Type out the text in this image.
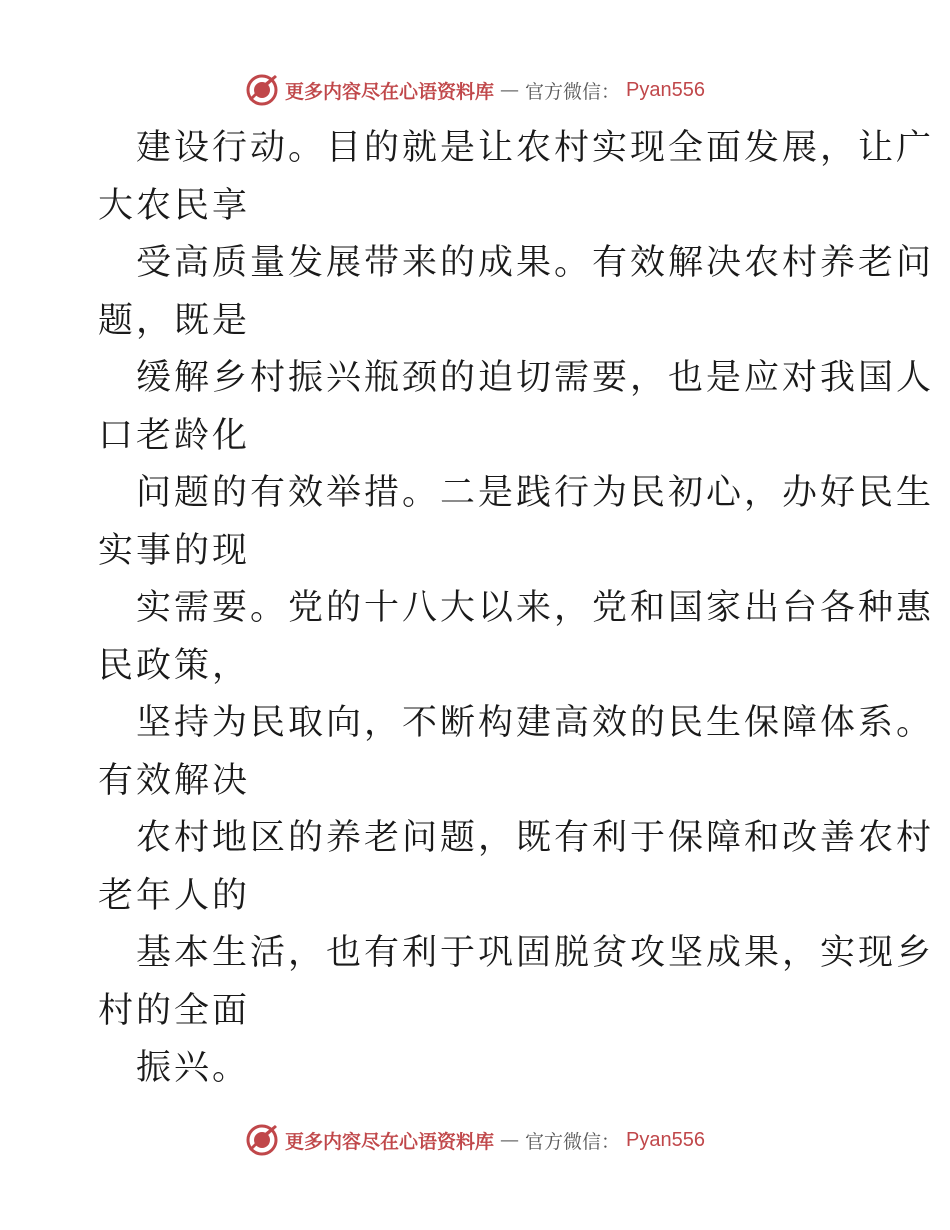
更多内容尽在心语资料库 — 官方微信： Pyan556
建设行动。目的就是让农村实现全面发展，让广
大农民享
受高质量发展带来的成果。有效解决农村养老问
题，既是
缓解乡村振兴瓶颈的迫切需要，也是应对我国人
口老龄化
问题的有效举措。二是践行为民初心，办好民生
实事的现
实需要。党的十八大以来，党和国家出台各种惠
民政策，
坚持为民取向，不断构建高效的民生保障体系。
有效解决
农村地区的养老问题，既有利于保障和改善农村
老年人的
基本生活，也有利于巩固脱贫攻坚成果，实现乡
村的全面
振兴。
更多内容尽在心语资料库 — 官方微信： Pyan556
